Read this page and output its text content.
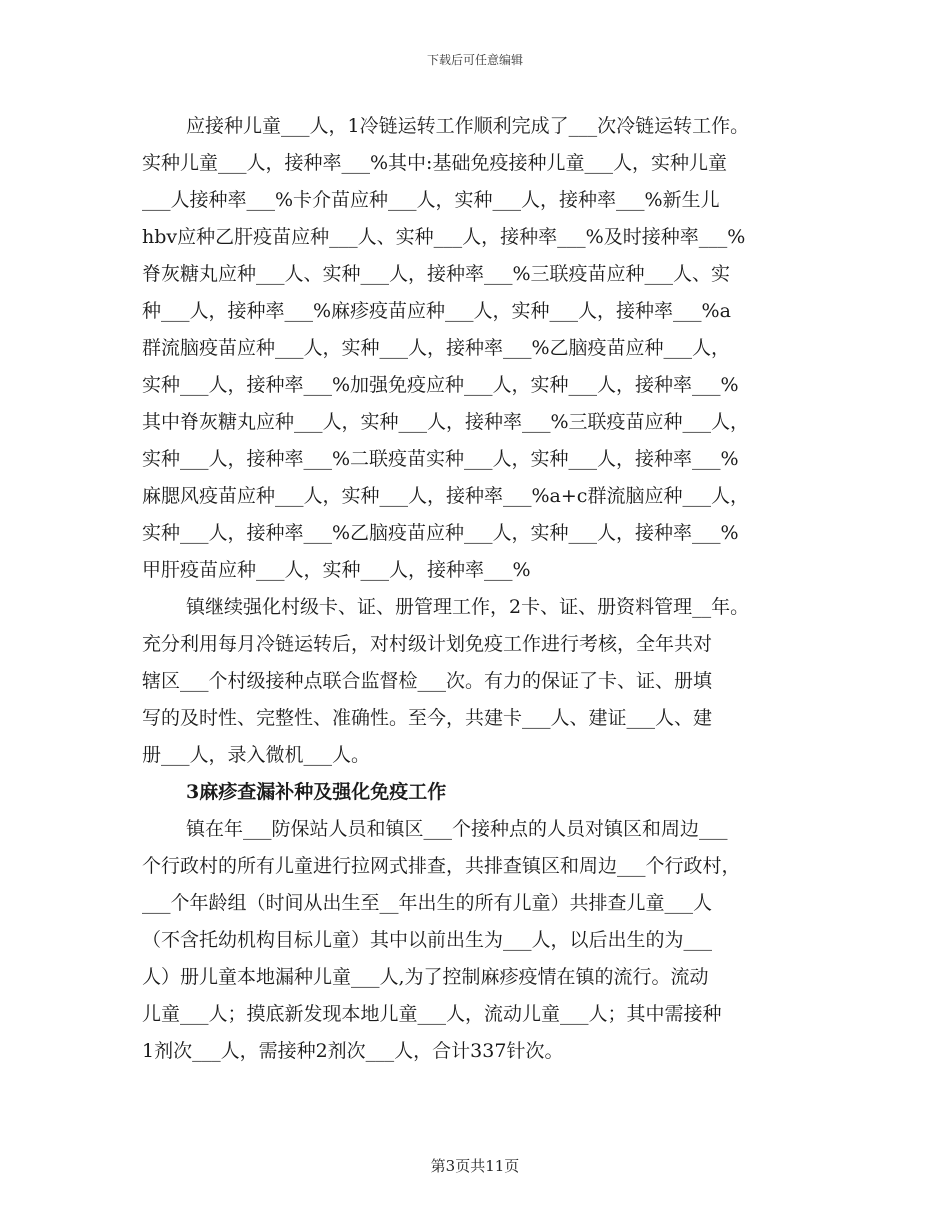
下载后可任意编辑
应接种儿童___人，1冷链运转工作顺利完成了___次冷链运转工作。
实种儿童___人，接种率___%其中:基础免疫接种儿童___人，实种儿童
___人接种率___%卡介苗应种___人，实种___人，接种率___%新生儿
hbv应种乙肝疫苗应种___人、实种___人，接种率___%及时接种率___%
脊灰糖丸应种___人、实种___人，接种率___%三联疫苗应种___人、实
种___人，接种率___%麻疹疫苗应种___人，实种___人，接种率___%a
群流脑疫苗应种___人，实种___人，接种率___%乙脑疫苗应种___人，
实种___人，接种率___%加强免疫应种___人，实种___人，接种率___%
其中脊灰糖丸应种___人，实种___人，接种率___%三联疫苗应种___人，
实种___人，接种率___%二联疫苗实种___人，实种___人，接种率___%
麻腮风疫苗应种___人，实种___人，接种率___%a+c群流脑应种___人，
实种___人，接种率___%乙脑疫苗应种___人，实种___人，接种率___%
甲肝疫苗应种___人，实种___人，接种率___%
镇继续强化村级卡、证、册管理工作，2卡、证、册资料管理__年。
充分利用每月冷链运转后，对村级计划免疫工作进行考核，全年共对
辖区___个村级接种点联合监督检___次。有力的保证了卡、证、册填
写的及时性、完整性、准确性。至今，共建卡___人、建证___人、建
册___人，录入微机___人。
3麻疹查漏补种及强化免疫工作
镇在年___防保站人员和镇区___个接种点的人员对镇区和周边___
个行政村的所有儿童进行拉网式排查，共排查镇区和周边___个行政村，
___个年龄组（时间从出生至__年出生的所有儿童）共排查儿童___人
（不含托幼机构目标儿童）其中以前出生为___人，以后出生的为___
人）册儿童本地漏种儿童___人,为了控制麻疹疫情在镇的流行。流动
儿童___人；摸底新发现本地儿童___人，流动儿童___人；其中需接种
1剂次___人，需接种2剂次___人，合计337针次。
第3页共11页
